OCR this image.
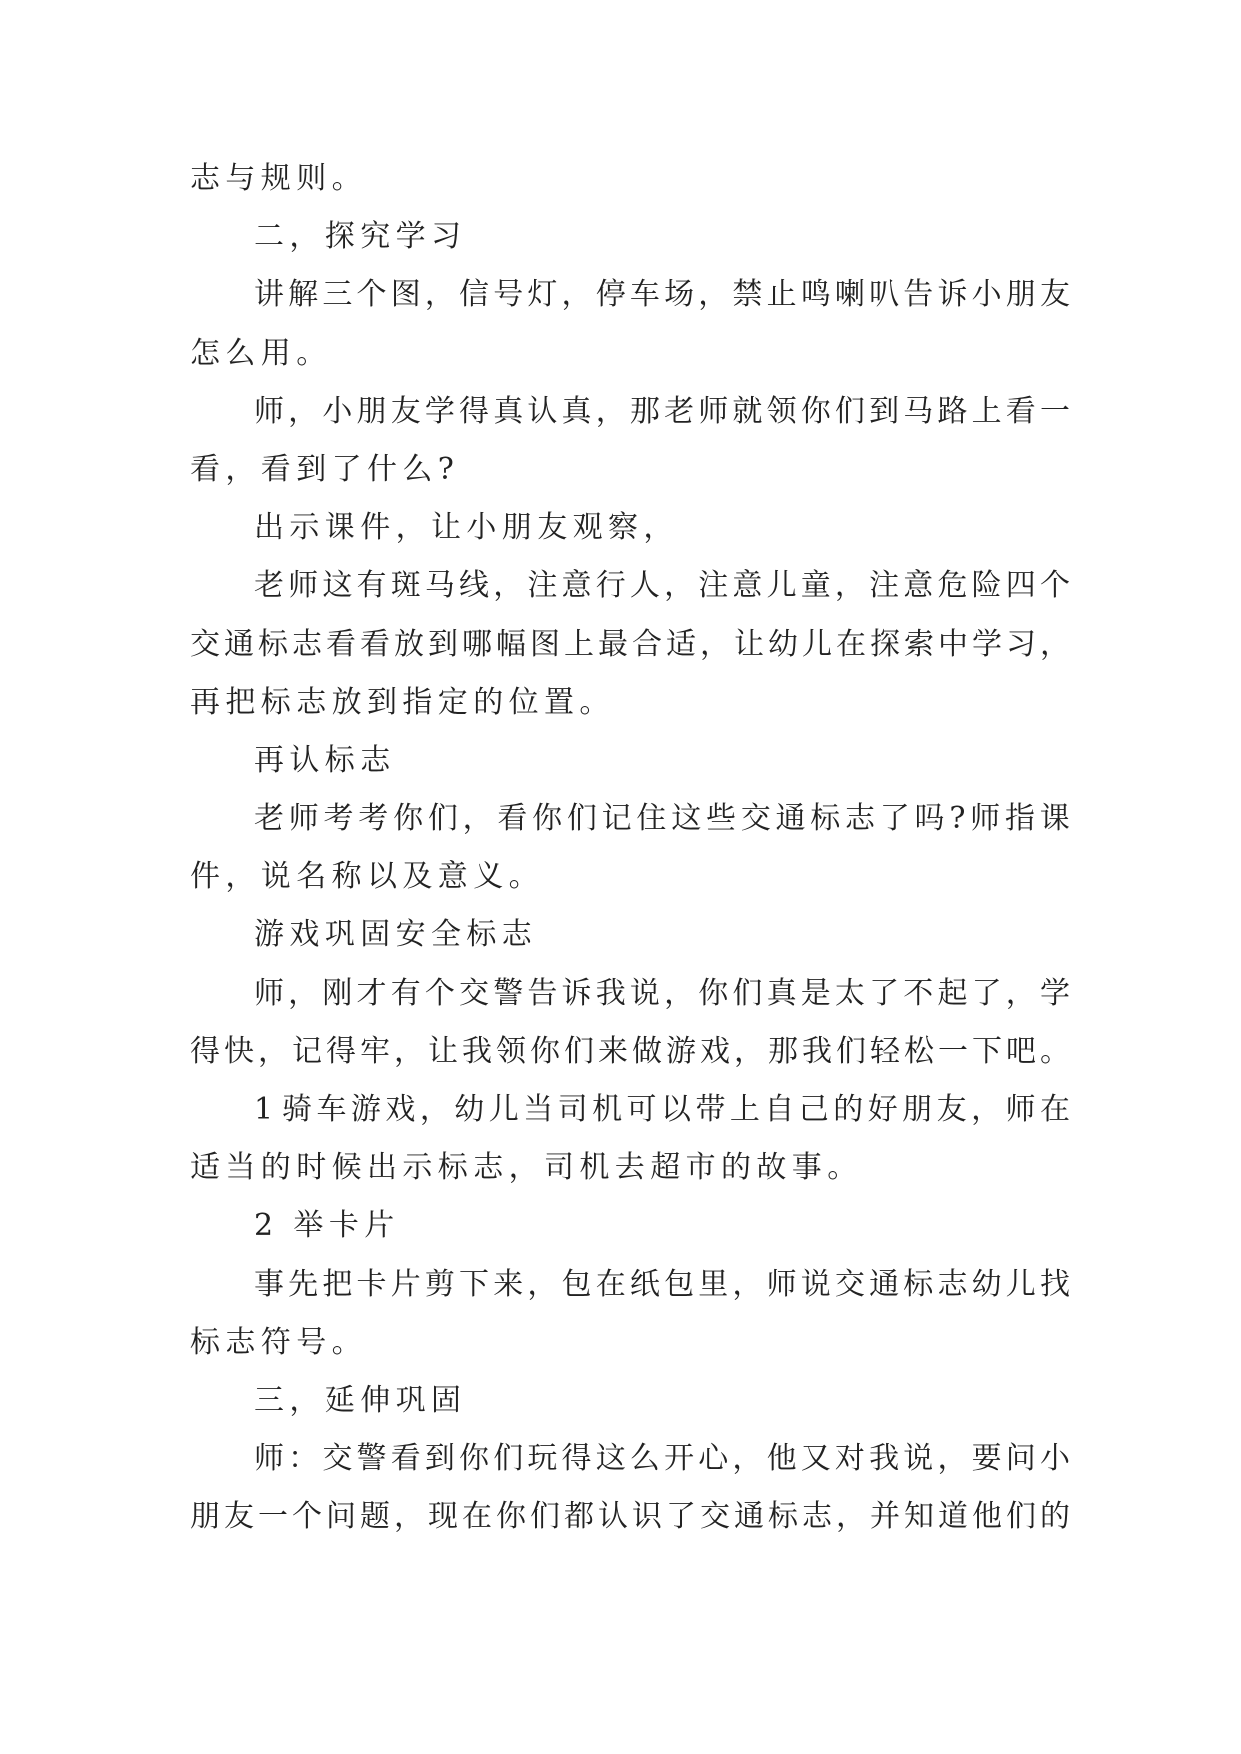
志与规则。
二，探究学习
讲 解 三 个 图 ， 信 号 灯 ， 停 车 场 ， 禁 止 鸣 喇 叭 告 诉 小 朋 友
怎么用。
师 ， 小 朋 友 学 得 真 认 真 ， 那 老 师 就 领 你 们 到 马 路 上 看 一
看，看到了什么?
出示课件，让小朋友观察，
老 师 这 有 斑 马 线 ， 注 意 行 人 ， 注 意 儿 童 ， 注 意 危 险 四 个
交 通 标 志 看 看 放 到 哪 幅 图 上 最 合 适 ， 让 幼 儿 在 探 索 中 学 习 ，
再把标志放到指定的位置。
再认标志
老 师 考 考 你 们 ， 看 你 们 记 住 这 些 交 通 标 志 了 吗 ? 师 指 课
件，说名称以及意义。
游戏巩固安全标志
师 ， 刚 才 有 个 交 警 告 诉 我 说 ， 你 们 真 是 太 了 不 起 了 ， 学
得 快 ， 记 得 牢 ， 让 我 领 你 们 来 做 游 戏 ， 那 我 们 轻 松 一 下 吧 。
1 骑 车 游 戏 ， 幼 儿 当 司 机 可 以 带 上 自 己 的 好 朋 友 ， 师 在
适当的时候出示标志，司机去超市的故事。
2 举卡片
事 先 把 卡 片 剪 下 来 ， 包 在 纸 包 里 ， 师 说 交 通 标 志 幼 儿 找
标志符号。
三，延伸巩固
师 ： 交 警 看 到 你 们 玩 得 这 么 开 心 ， 他 又 对 我 说 ， 要 问 小
朋 友 一 个 问 题 ， 现 在 你 们 都 认 识 了 交 通 标 志 ， 并 知 道 他 们 的
